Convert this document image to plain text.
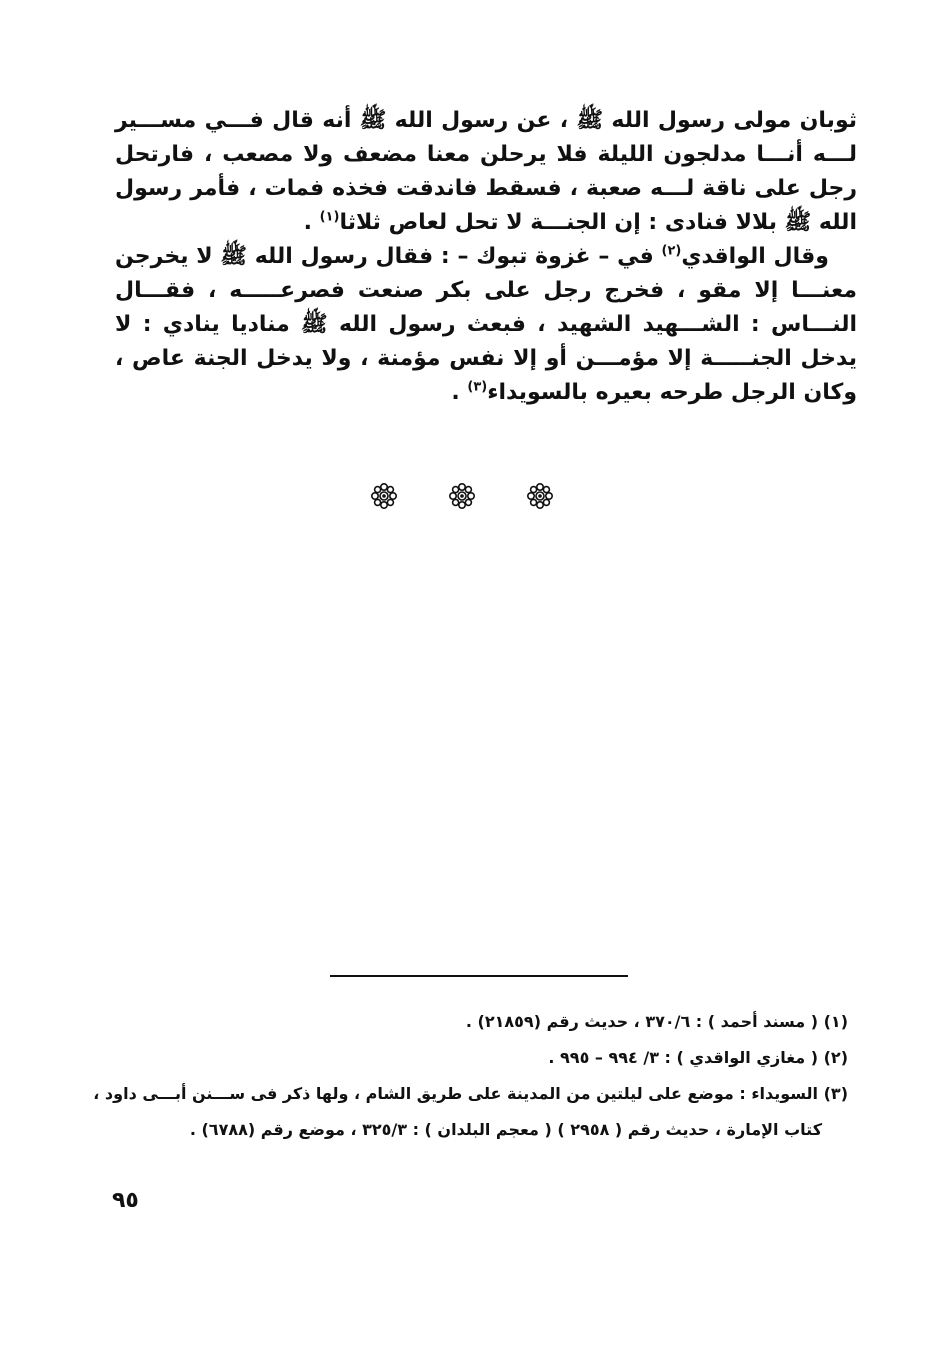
ثوبان مولى رسول الله ﷺ ، عن رسول الله ﷺ أنه قال فـــي مســـير لـــه أنـــا مدلجون الليلة فلا يرحلن معنا مضعف ولا مصعب ، فارتحل رجل على ناقة لـــه صعبة ، فسقط فاندقت فخذه فمات ، فأمر رسول الله ﷺ بلالا فنادى : إن الجنـــة لا تحل لعاص ثلاثا$^{(١)}$ .

وقال الواقدي$^{(٢)}$ في – غزوة تبوك – : فقال رسول الله ﷺ لا يخرجن معنـــا إلا مقو ، فخرج رجل على بكر صنعت فصرعـــــه ، فقـــال النـــاس : الشـــهيد الشهيد ، فبعث رسول الله ﷺ مناديا ينادي : لا يدخل الجنـــــة إلا مؤمـــن أو إلا نفس مؤمنة ، ولا يدخل الجنة عاص ، وكان الرجل طرحه بعيره بالسويداء$^{(٣)}$ .

(١) ( مسند أحمد ) : ٣٧٠/٦ ، حديث رقم (٢١٨٥٩) .

(٢) ( مغازي الواقدي ) : ٣/ ٩٩٤ – ٩٩٥ .

(٣) السويداء : موضع على ليلتين من المدينة على طريق الشام ، ولها ذكر فى ســـنن أبـــى داود ،

كتاب الإمارة ، حديث رقم ( ٢٩٥٨ ) ( معجم البلدان ) : ٣٢٥/٣ ، موضع رقم (٦٧٨٨) .

٩٥
